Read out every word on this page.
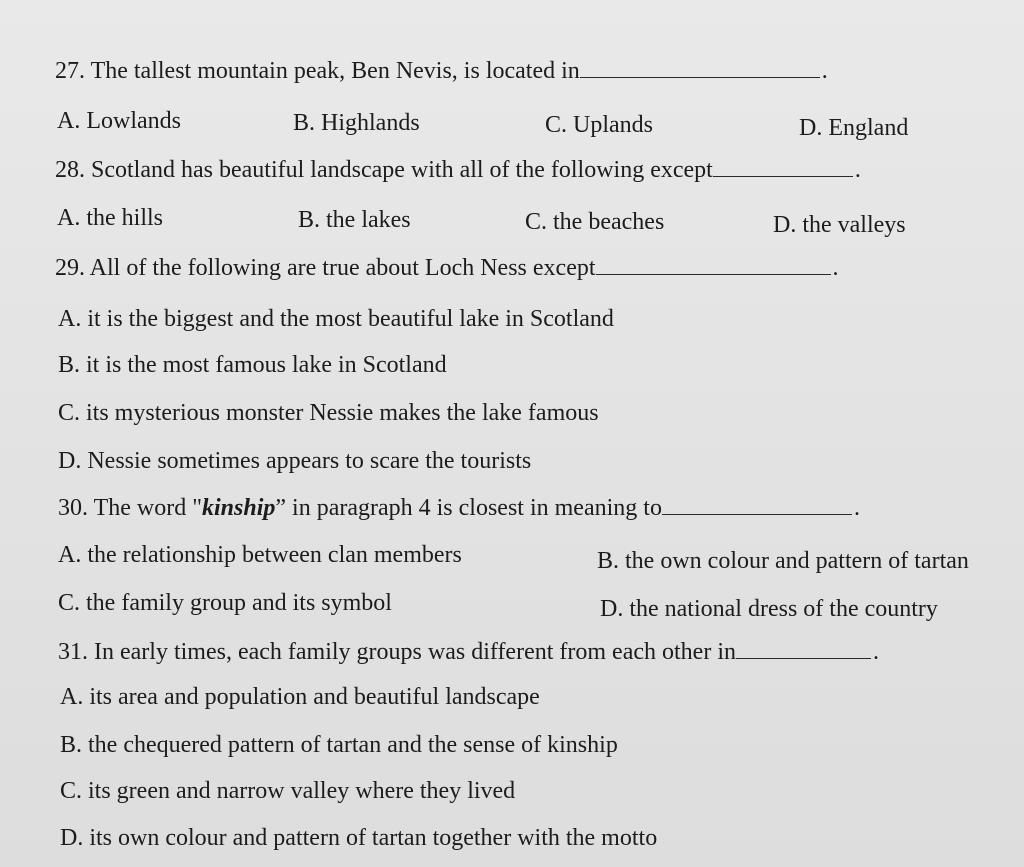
27. The tallest mountain peak, Ben Nevis, is located in	.
A. Lowlands	B. Highlands	C. Uplands	D. England
28. Scotland has beautiful landscape with all of the following except	.
A. the hills	B. the lakes	C. the beaches	D. the valleys
29. All of the following are true about Loch Ness except	.
A. it is the biggest and the most beautiful lake in Scotland
B. it is the most famous lake in Scotland
C. its mysterious monster Nessie makes the lake famous
D. Nessie sometimes appears to scare the tourists
30. The word "kinship” in paragraph 4 is closest in meaning to	.
A. the relationship between clan members	B. the own colour and pattern of tartan
C. the family group and its symbol	D. the national dress of the country
31. In early times, each family groups was different from each other in	.
A. its area and population and beautiful landscape
B. the chequered pattern of tartan and the sense of kinship
C. its green and narrow valley where they lived
D. its own colour and pattern of tartan together with the motto
